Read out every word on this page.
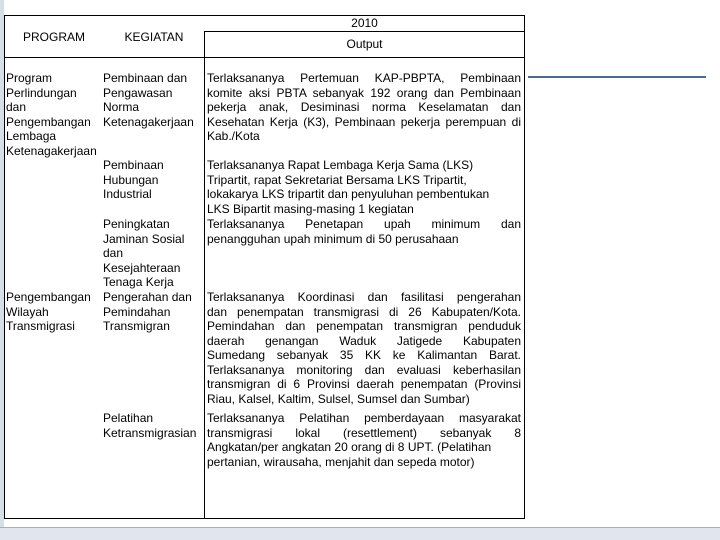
2010
PROGRAM	KEGIATAN	Output
Program
Perlindungan
dan
Pengembangan
Lembaga
Ketenagakerjaan
Pembinaan dan
Pengawasan
Norma
Ketenagakerjaan
Terlaksananya Pertemuan KAP-PBPTA, Pembinaan
komite aksi PBTA sebanyak 192 orang dan Pembinaan
pekerja anak, Desiminasi norma Keselamatan dan
Kesehatan Kerja (K3), Pembinaan pekerja perempuan di
Kab./Kota
Pembinaan
Hubungan
Industrial
Terlaksananya Rapat Lembaga Kerja Sama (LKS)
Tripartit, rapat Sekretariat Bersama LKS Tripartit,
lokakarya LKS tripartit dan penyuluhan pembentukan
LKS Bipartit masing-masing 1 kegiatan
Peningkatan
Jaminan Sosial
dan
Kesejahteraan
Tenaga Kerja
Terlaksananya Penetapan upah minimum dan
penangguhan upah minimum di 50 perusahaan
Pengembangan
Wilayah
Transmigrasi
Pengerahan dan
Pemindahan
Transmigran
Terlaksananya Koordinasi dan fasilitasi pengerahan
dan penempatan transmigrasi di 26 Kabupaten/Kota.
Pemindahan dan penempatan transmigran penduduk
daerah genangan Waduk Jatigede Kabupaten
Sumedang sebanyak 35 KK ke Kalimantan Barat.
Terlaksananya monitoring dan evaluasi keberhasilan
transmigran di 6 Provinsi daerah penempatan (Provinsi
Riau, Kalsel, Kaltim, Sulsel, Sumsel dan Sumbar)
Pelatihan
Ketransmigrasian
Terlaksananya Pelatihan pemberdayaan masyarakat
transmigrasi lokal (resettlement) sebanyak 8
Angkatan/per angkatan 20 orang di 8 UPT. (Pelatihan
pertanian, wirausaha, menjahit dan sepeda motor)
